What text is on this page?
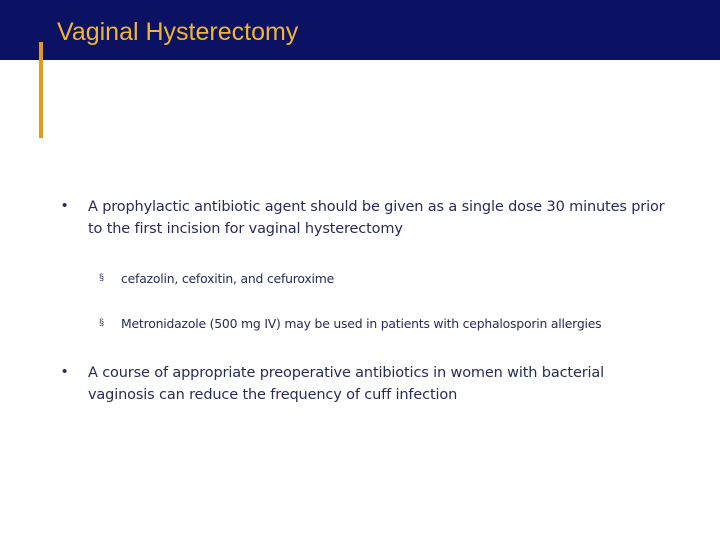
Vaginal Hysterectomy
• A prophylactic antibiotic agent should be given as a single dose 30 minutes prior to the first incision for vaginal hysterectomy
§ cefazolin, cefoxitin, and cefuroxime
§ Metronidazole (500 mg IV) may be used in patients with cephalosporin allergies
• A course of appropriate preoperative antibiotics in women with bacterial vaginosis can reduce the frequency of cuff infection
